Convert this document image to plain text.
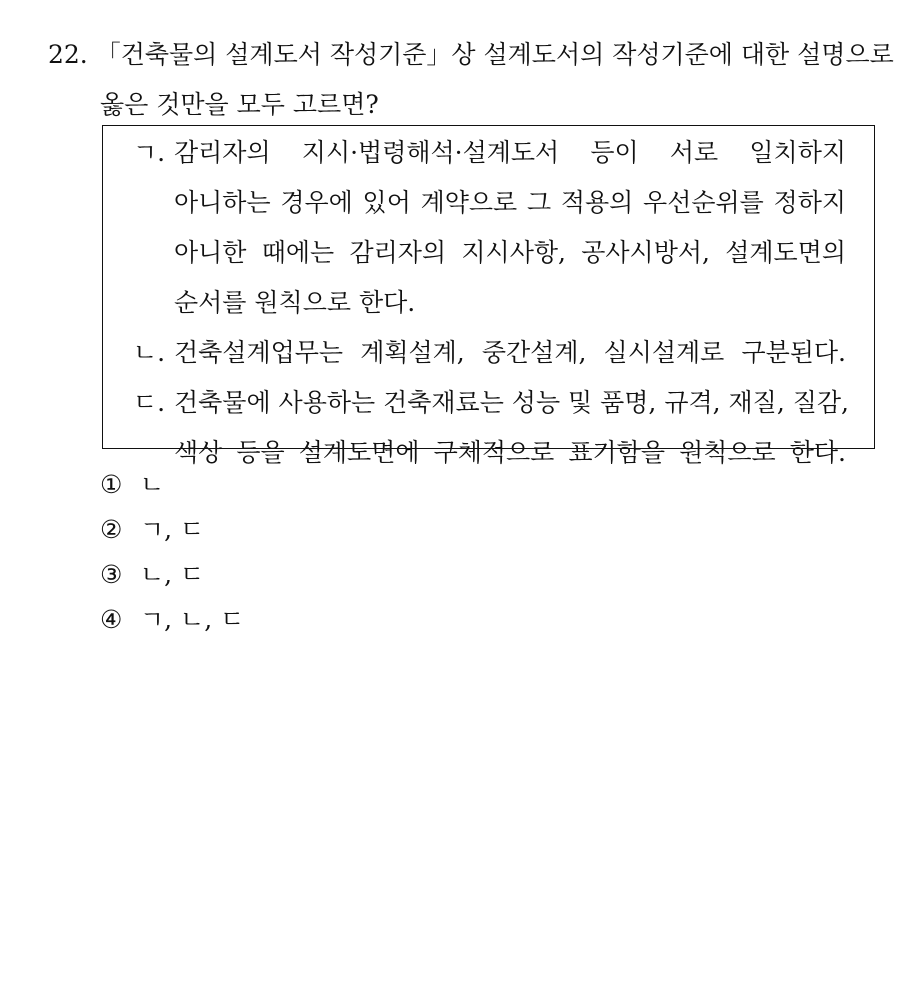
22. 「건축물의 설계도서 작성기준」상 설계도서의 작성기준에 대한 설명으로
옳은 것만을 모두 고르면?
ㄱ. 감리자의 지시·법령해석·설계도서 등이 서로 일치하지
아니하는 경우에 있어 계약으로 그 적용의 우선순위를 정하지
아니한 때에는 감리자의 지시사항, 공사시방서, 설계도면의
순서를 원칙으로 한다.
ㄴ. 건축설계업무는 계획설계, 중간설계, 실시설계로 구분된다.
ㄷ. 건축물에 사용하는 건축재료는 성능 및 품명, 규격, 재질, 질감,
색상 등을 설계도면에 구체적으로 표기함을 원칙으로 한다.
① ㄴ
② ㄱ, ㄷ
③ ㄴ, ㄷ
④ ㄱ, ㄴ, ㄷ
